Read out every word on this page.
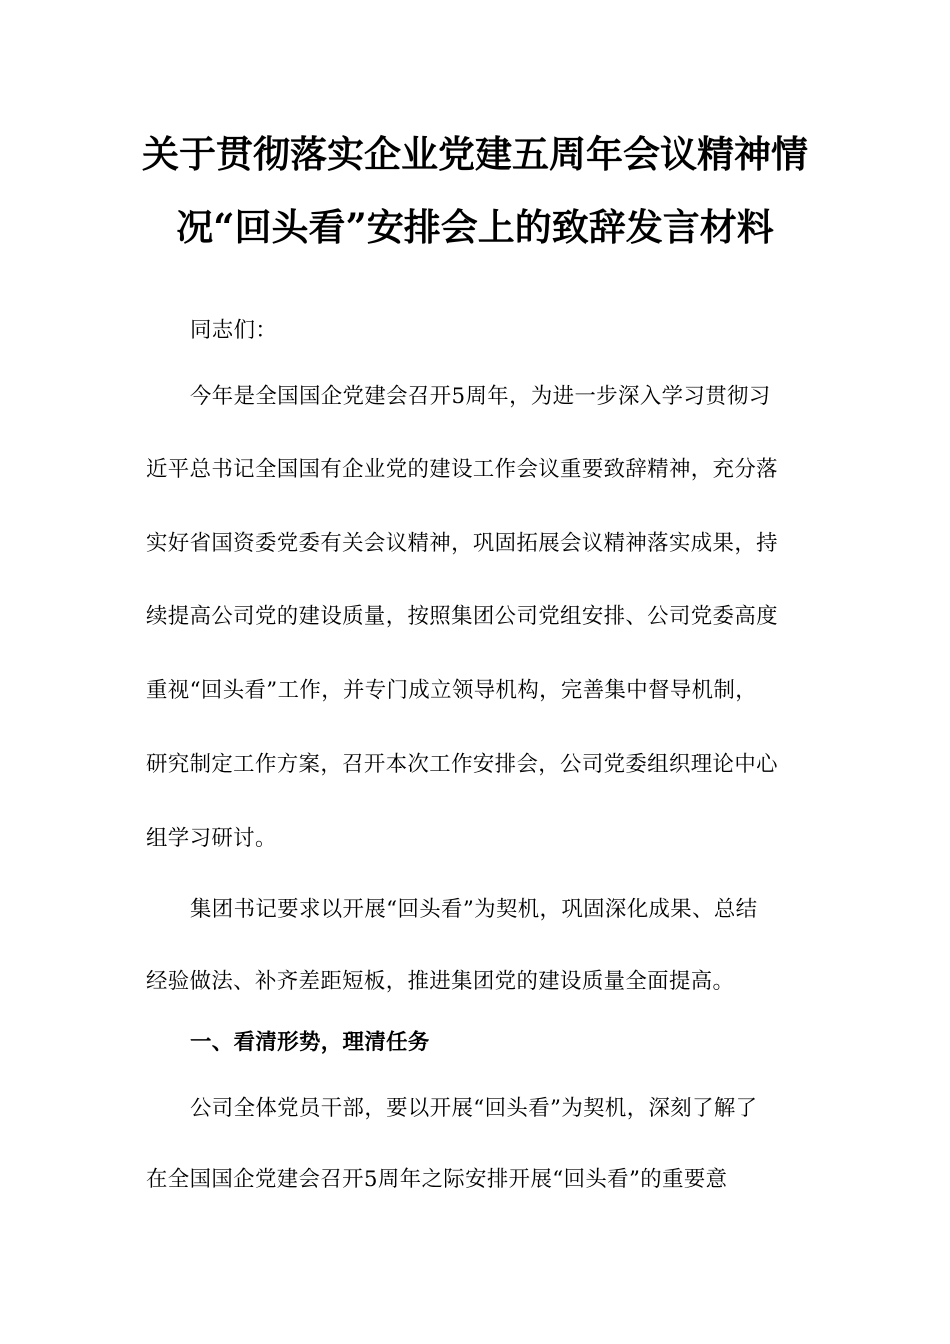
关于贯彻落实企业党建五周年会议精神情
况“回头看”安排会上的致辞发言材料
同志们：
今年是全国国企党建会召开5周年，为进一步深入学习贯彻习
近平总书记全国国有企业党的建设工作会议重要致辞精神，充分落
实好省国资委党委有关会议精神，巩固拓展会议精神落实成果，持
续提高公司党的建设质量，按照集团公司党组安排、公司党委高度
重视“回头看”工作，并专门成立领导机构，完善集中督导机制，
研究制定工作方案，召开本次工作安排会，公司党委组织理论中心
组学习研讨。
集团书记要求以开展“回头看”为契机，巩固深化成果、总结
经验做法、补齐差距短板，推进集团党的建设质量全面提高。
一、看清形势，理清任务
公司全体党员干部，要以开展“回头看”为契机，深刻了解了
在全国国企党建会召开5周年之际安排开展“回头看”的重要意
